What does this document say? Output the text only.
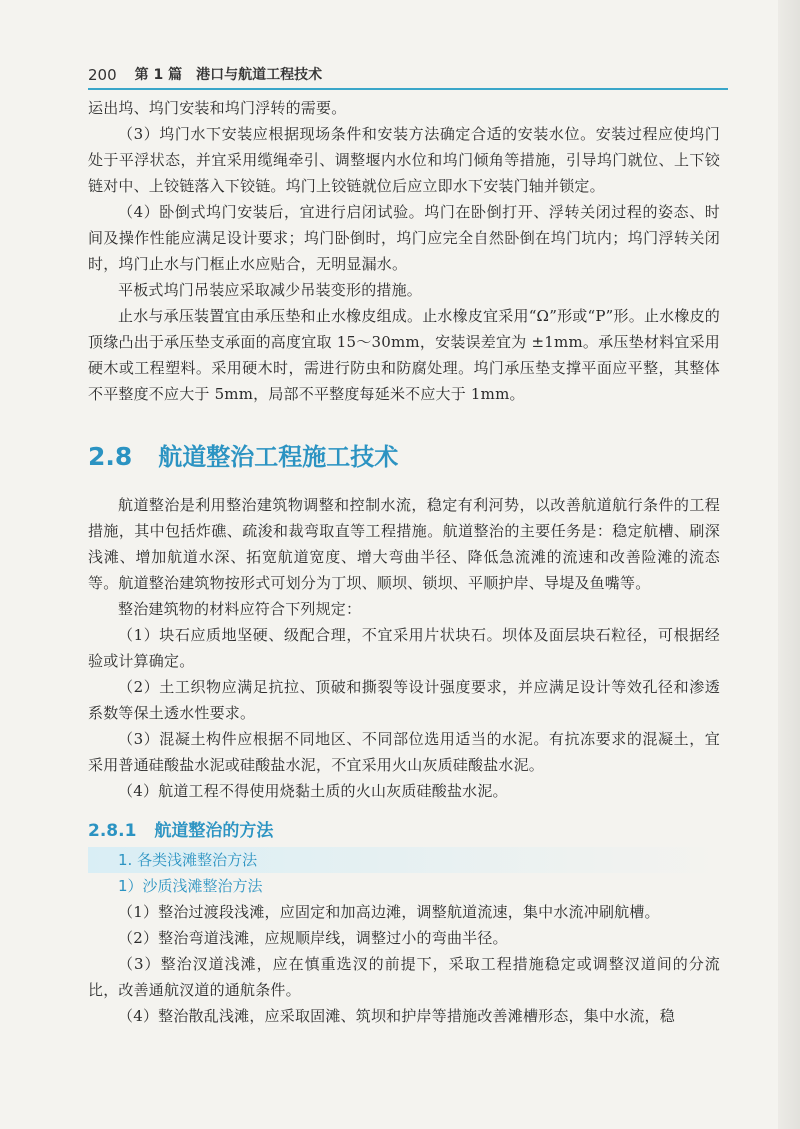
200 第 1 篇 港口与航道工程技术

运出坞、坞门安装和坞门浮转的需要。

（3）坞门水下安装应根据现场条件和安装方法确定合适的安装水位。安装过程应使坞门处于平浮状态，并宜采用缆绳牵引、调整堰内水位和坞门倾角等措施，引导坞门就位、上下铰链对中、上铰链落入下铰链。坞门上铰链就位后应立即水下安装门轴并锁定。

（4）卧倒式坞门安装后，宜进行启闭试验。坞门在卧倒打开、浮转关闭过程的姿态、时间及操作性能应满足设计要求；坞门卧倒时，坞门应完全自然卧倒在坞门坑内；坞门浮转关闭时，坞门止水与门框止水应贴合，无明显漏水。

平板式坞门吊装应采取减少吊装变形的措施。

止水与承压装置宜由承压垫和止水橡皮组成。止水橡皮宜采用“Ω”形或“P”形。止水橡皮的顶缘凸出于承压垫支承面的高度宜取 15～30mm，安装误差宜为 ±1mm。承压垫材料宜采用硬木或工程塑料。采用硬木时，需进行防虫和防腐处理。坞门承压垫支撑平面应平整，其整体不平整度不应大于 5mm，局部不平整度每延米不应大于 1mm。

2.8 航道整治工程施工技术

航道整治是利用整治建筑物调整和控制水流，稳定有利河势，以改善航道航行条件的工程措施，其中包括炸礁、疏浚和裁弯取直等工程措施。航道整治的主要任务是：稳定航槽、刷深浅滩、增加航道水深、拓宽航道宽度、增大弯曲半径、降低急流滩的流速和改善险滩的流态等。航道整治建筑物按形式可划分为丁坝、顺坝、锁坝、平顺护岸、导堤及鱼嘴等。

整治建筑物的材料应符合下列规定：

（1）块石应质地坚硬、级配合理，不宜采用片状块石。坝体及面层块石粒径，可根据经验或计算确定。

（2）土工织物应满足抗拉、顶破和撕裂等设计强度要求，并应满足设计等效孔径和渗透系数等保土透水性要求。

（3）混凝土构件应根据不同地区、不同部位选用适当的水泥。有抗冻要求的混凝土，宜采用普通硅酸盐水泥或硅酸盐水泥，不宜采用火山灰质硅酸盐水泥。

（4）航道工程不得使用烧黏土质的火山灰质硅酸盐水泥。

2.8.1 航道整治的方法

1. 各类浅滩整治方法

1）沙质浅滩整治方法

（1）整治过渡段浅滩，应固定和加高边滩，调整航道流速，集中水流冲刷航槽。

（2）整治弯道浅滩，应规顺岸线，调整过小的弯曲半径。

（3）整治汊道浅滩，应在慎重选汊的前提下，采取工程措施稳定或调整汊道间的分流比，改善通航汊道的通航条件。

（4）整治散乱浅滩，应采取固滩、筑坝和护岸等措施改善滩槽形态，集中水流，稳
